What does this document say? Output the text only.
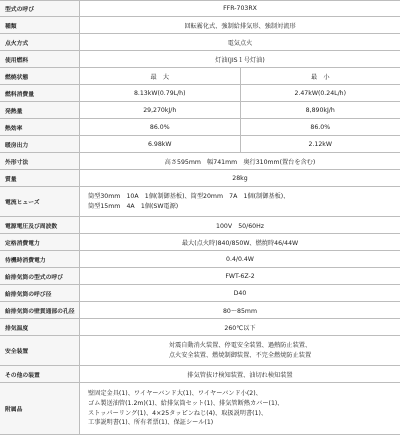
型式の呼び	FFR-703RX
種類	回転霧化式、強制給排気形、強制対流形
点火方式	電気点火
使用燃料	灯油(JIS１号灯油)
燃焼状態	最　大	最　小
燃料消費量	8.13kW(0.79L/h)	2.47kW(0.24L/h)
発熱量	29,270kJ/h	8,890kJ/h
熱効率	86.0%	86.0%
暖房出力	6.98kW	2.12kW
外形寸法	高さ595mm　幅741mm　奥行310mm(置台を含む)
質量	28kg
電流ヒューズ
筒型30mm　10A　1個(制御基板)、筒型20mm　7A　1個(制御基板)、
筒型15mm　4A　1個(SW電源)
電源電圧及び周波数	100V　50/60Hz
定格消費電力	最大(点火時)840/850W、燃焼時46/44W
待機時消費電力	0.4/0.4W
給排気筒の型式の呼び	FWT-6Z-2
給排気筒の呼び径	D40
給排気筒の壁貫通部の孔径	80～85mm
排気温度	260℃以下
安全装置
対震自動消火装置、停電安全装置、過熱防止装置、
点火安全装置、燃焼制御装置、不完全燃焼防止装置
その他の装置	排気管抜け検知装置、油切れ検知装置
附属品
壁固定金具(1)、ワイヤーバンド大(1)、ワイヤーバンド小(2)、
ゴム製送油管(1.2m)(1)、給排気筒セット(1)、排気管断熱カバー(1)、
ストッパーリング(1)、4×25タッピンねじ(4)、取扱説明書(1)、
工事説明書(1)、所有者票(1)、保証シール(1)
